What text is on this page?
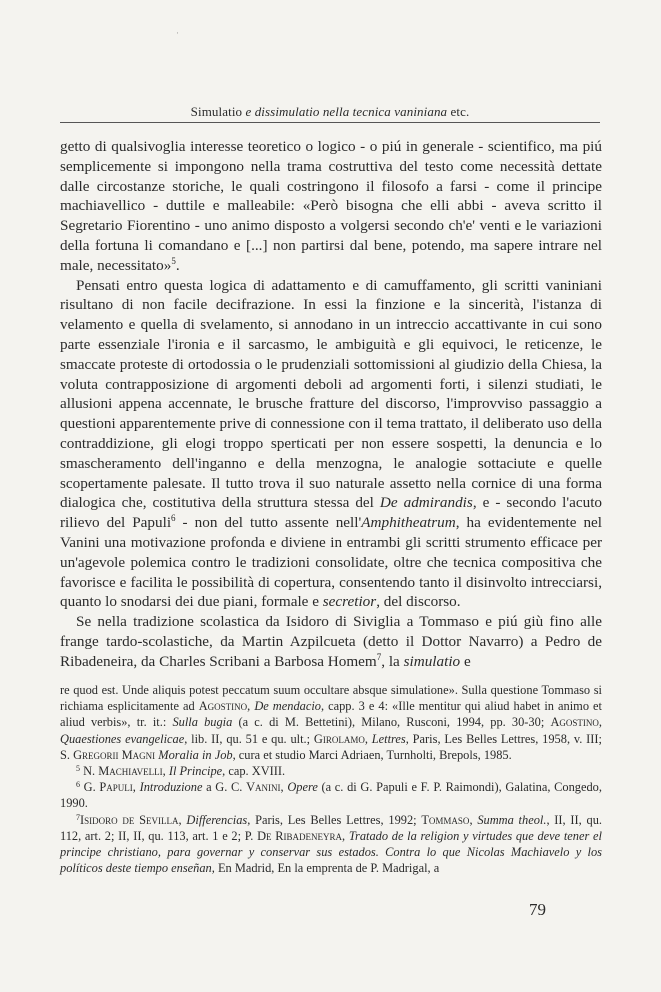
·
Simulatio e dissimulatio nella tecnica vaniniana etc.

getto di qualsivoglia interesse teoretico o logico - o piú in generale - scientifico, ma piú semplicemente si impongono nella trama costruttiva del testo come necessità dettate dalle circostanze storiche, le quali costringono il filosofo a farsi - come il principe machiavellico - duttile e malleabile: «Però bisogna che elli abbi - aveva scritto il Segretario Fiorentino - uno animo disposto a volgersi secondo ch'e' venti e le variazioni della fortuna li comandano e [...] non partirsi dal bene, potendo, ma sapere intrare nel male, necessitato»$^5$.

Pensati entro questa logica di adattamento e di camuffamento, gli scritti vaniniani risultano di non facile decifrazione. In essi la finzione e la sincerità, l'istanza di velamento e quella di svelamento, si annodano in un intreccio accattivante in cui sono parte essenziale l'ironia e il sarcasmo, le ambiguità e gli equivoci, le reticenze, le smaccate proteste di ortodossia o le prudenziali sottomissioni al giudizio della Chiesa, la voluta contrapposizione di argomenti deboli ad argomenti forti, i silenzi studiati, le allusioni appena accennate, le brusche fratture del discorso, l'improvviso passaggio a questioni apparentemente prive di connessione con il tema trattato, il deliberato uso della contraddizione, gli elogi troppo sperticati per non essere sospetti, la denuncia e lo smascheramento dell'inganno e della menzogna, le analogie sottaciute e quelle scopertamente palesate. Il tutto trova il suo naturale assetto nella cornice di una forma dialogica che, costitutiva della struttura stessa del De admirandis, e - secondo l'acuto rilievo del Papuli$^6$ - non del tutto assente nell'Amphitheatrum, ha evidentemente nel Vanini una motivazione profonda e diviene in entrambi gli scritti strumento efficace per un'agevole polemica contro le tradizioni consolidate, oltre che tecnica compositiva che favorisce e facilita le possibilità di copertura, consentendo tanto il disinvolto intrecciarsi, quanto lo snodarsi dei due piani, formale e secretior, del discorso.

Se nella tradizione scolastica da Isidoro di Siviglia a Tommaso e piú giù fino alle frange tardo-scolastiche, da Martin Azpilcueta (detto il Dottor Navarro) a Pedro de Ribadeneira, da Charles Scribani a Barbosa Homem$^7$, la simulatio e

re quod est. Unde aliquis potest peccatum suum occultare absque simulatione». Sulla questione Tommaso si richiama esplicitamente ad Agostino, De mendacio, capp. 3 e 4: «Ille mentitur qui aliud habet in animo et aliud verbis», tr. it.: Sulla bugia (a c. di M. Bettetini), Milano, Rusconi, 1994, pp. 30-30; Agostino, Quaestiones evangelicae, lib. II, qu. 51 e qu. ult.; Girolamo, Lettres, Paris, Les Belles Lettres, 1958, v. III; S. Gregorii Magni Moralia in Job, cura et studio Marci Adriaen, Turnholti, Brepols, 1985.

$^5$ N. Machiavelli, Il Principe, cap. XVIII.

$^6$ G. Papuli, Introduzione a G. C. Vanini, Opere (a c. di G. Papuli e F. P. Raimondi), Galatina, Congedo, 1990.

$^7$Isidoro de Sevilla, Differencias, Paris, Les Belles Lettres, 1992; Tommaso, Summa theol., II, II, qu. 112, art. 2; II, II, qu. 113, art. 1 e 2; P. De Ribadeneyra, Tratado de la religion y virtudes que deve tener el principe christiano, para governar y conservar sus estados. Contra lo que Nicolas Machiavelo y los políticos deste tiempo enseñan, En Madrid, En la emprenta de P. Madrigal, a

79
